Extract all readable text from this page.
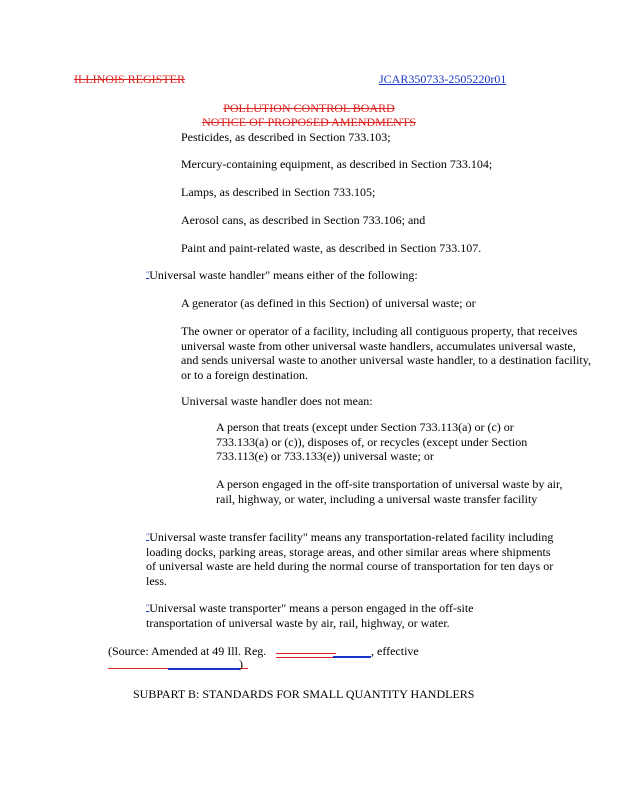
ILLINOIS REGISTER	JCAR350733-2505220r01
POLLUTION CONTROL BOARD
NOTICE OF PROPOSED AMENDMENTS
Pesticides, as described in Section 733.103;
Mercury-containing equipment, as described in Section 733.104;
Lamps, as described in Section 733.105;
Aerosol cans, as described in Section 733.106; and
Paint and paint-related waste, as described in Section 733.107.
"Universal waste handler" means either of the following:
A generator (as defined in this Section) of universal waste; or
The owner or operator of a facility, including all contiguous property, that receives universal waste from other universal waste handlers, accumulates universal waste, and sends universal waste to another universal waste handler, to a destination facility, or to a foreign destination.
Universal waste handler does not mean:
A person that treats (except under Section 733.113(a) or (c) or 733.133(a) or (c)), disposes of, or recycles (except under Section 733.113(e) or 733.133(e)) universal waste; or
A person engaged in the off-site transportation of universal waste by air, rail, highway, or water, including a universal waste transfer facility
"Universal waste transfer facility" means any transportation-related facility including loading docks, parking areas, storage areas, and other similar areas where shipments of universal waste are held during the normal course of transportation for ten days or less.
"Universal waste transporter" means a person engaged in the off-site transportation of universal waste by air, rail, highway, or water.
(Source: Amended at 49 Ill. Reg.	, effective
)
SUBPART B: STANDARDS FOR SMALL QUANTITY HANDLERS
